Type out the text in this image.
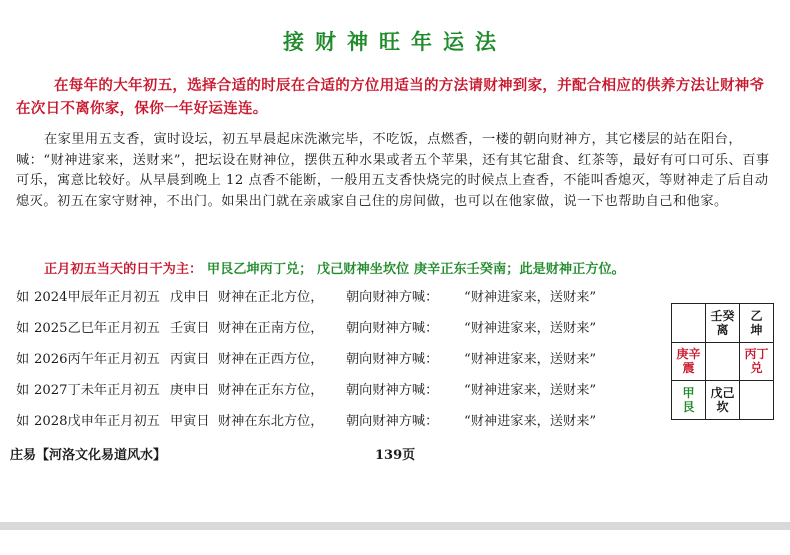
接财神旺年运法
在每年的大年初五，选择合适的时辰在合适的方位用适当的方法请财神到家，并配合相应的供养方法让财神爷在次日不离你家，保你一年好运连连。
在家里用五支香，寅时设坛，初五早晨起床洗漱完毕，不吃饭，点燃香，一楼的朝向财神方，其它楼层的站在阳台，喊：“财神进家来，送财来”，把坛设在财神位，摆供五种水果或者五个苹果，还有其它甜食、红茶等，最好有可口可乐、百事可乐，寓意比较好。从早晨到晚上 12 点香不能断，一般用五支香快烧完的时候点上查香，不能叫香熄灭，等财神走了后自动熄灭。初五在家守财神，不出门。如果出门就在亲戚家自己住的房间做，也可以在他家做，说一下也帮助自己和他家。
正月初五当天的日干为主： 甲艮乙坤丙丁兑； 戊己财神坐坎位 庚辛正东壬癸南；此是财神正方位。
如 2024甲辰年正月初五 戊申日 财神在正北方位， 朝向财神方喊： “财神进家来，送财来”
如 2025乙巳年正月初五 壬寅日 财神在正南方位， 朝向财神方喊： “财神进家来，送财来”
如 2026丙午年正月初五 丙寅日 财神在正西方位， 朝向财神方喊： “财神进家来，送财来”
如 2027丁未年正月初五 庚申日 财神在正东方位， 朝向财神方喊： “财神进家来，送财来”
如 2028戊申年正月初五 甲寅日 财神在东北方位， 朝向财神方喊： “财神进家来，送财来”

壬癸
离
乙
坤
庚辛
震

丙丁
兑
甲
艮
戊己
坎

庄易【河洛文化易道风水】	139页
